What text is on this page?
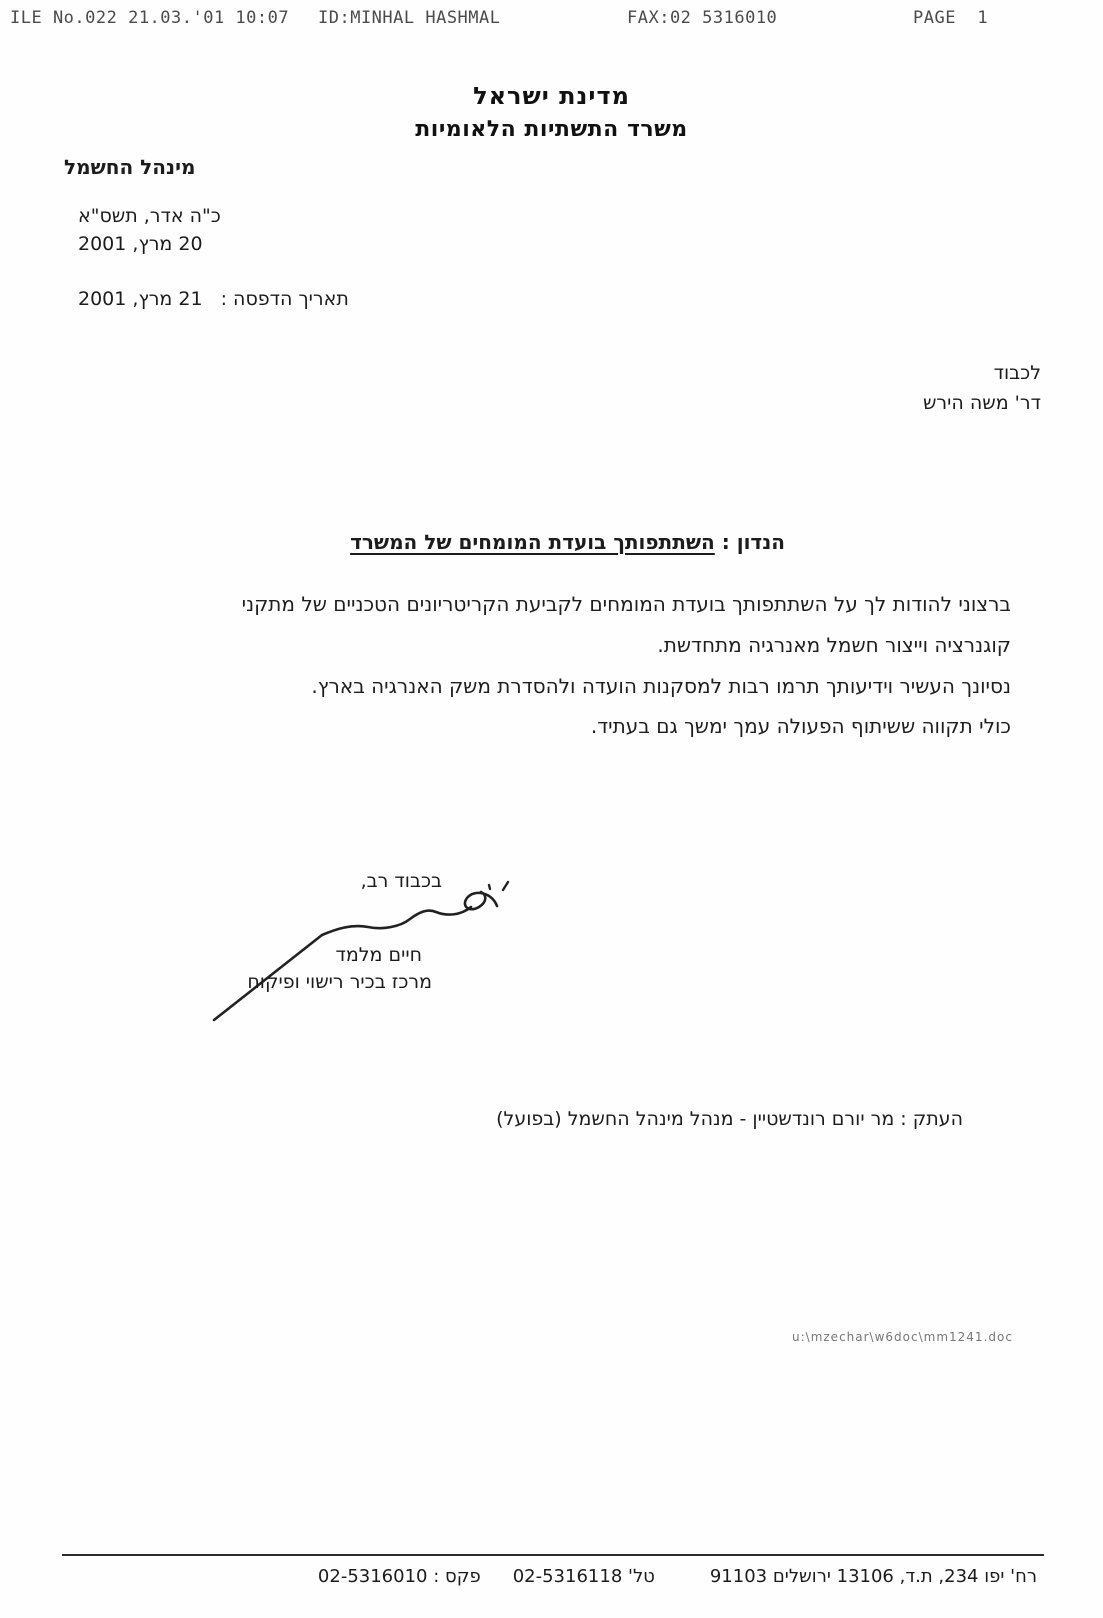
ILE No.022 21.03.'01 10:07 ID:MINHAL HASHMAL	FAX:02 5316010	PAGE  1
מדינת ישראל
משרד התשתיות הלאומיות
מינהל החשמל
כ"ה אדר, תשס"א
20 מרץ, 2001
תאריך הדפסה : 21 מרץ, 2001
לכבוד
דר' משה הירש
הנדון : השתתפותך בועדת המומחים של המשרד
ברצוני להודות לך על השתתפותך בועדת המומחים לקביעת הקריטריונים הטכניים של מתקני
קוגנרציה וייצור חשמל מאנרגיה מתחדשת.
נסיונך העשיר וידיעותך תרמו רבות למסקנות הועדה ולהסדרת משק האנרגיה בארץ.
כולי תקווה ששיתוף הפעולה עמך ימשך גם בעתיד.
בכבוד רב,
חיים מלמד
מרכז בכיר רישוי ופיקוח
העתק : מר יורם רונדשטיין - מנהל מינהל החשמל (בפועל)
u:\mzechar\w6doc\mm1241.doc
רח' יפו 234, ת.ד, 13106 ירושלים 91103
טל' 02-5316118
פקס : 02-5316010
